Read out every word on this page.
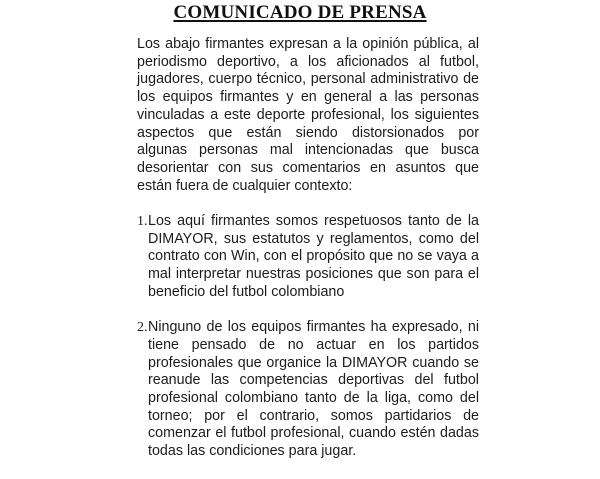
COMUNICADO DE PRENSA

Los abajo firmantes expresan a la opinión pública, al periodismo deportivo, a los aficionados al futbol, jugadores, cuerpo técnico, personal administrativo de los equipos firmantes y en general a las personas vinculadas a este deporte profesional, los siguientes aspectos que están siendo distorsionados por algunas personas mal intencionadas que busca desorientar con sus comentarios en asuntos que están fuera de cualquier contexto:

1. Los aquí firmantes somos respetuosos tanto de la DIMAYOR, sus estatutos y reglamentos, como del contrato con Win, con el propósito que no se vaya a mal interpretar nuestras posiciones que son para el beneficio del futbol colombiano
2. Ninguno de los equipos firmantes ha expresado, ni tiene pensado de no actuar en los partidos profesionales que organice la DIMAYOR cuando se reanude las competencias deportivas del futbol profesional colombiano tanto de la liga, como del torneo; por el contrario, somos partidarios de comenzar el futbol profesional, cuando estén dadas todas las condiciones para jugar.
